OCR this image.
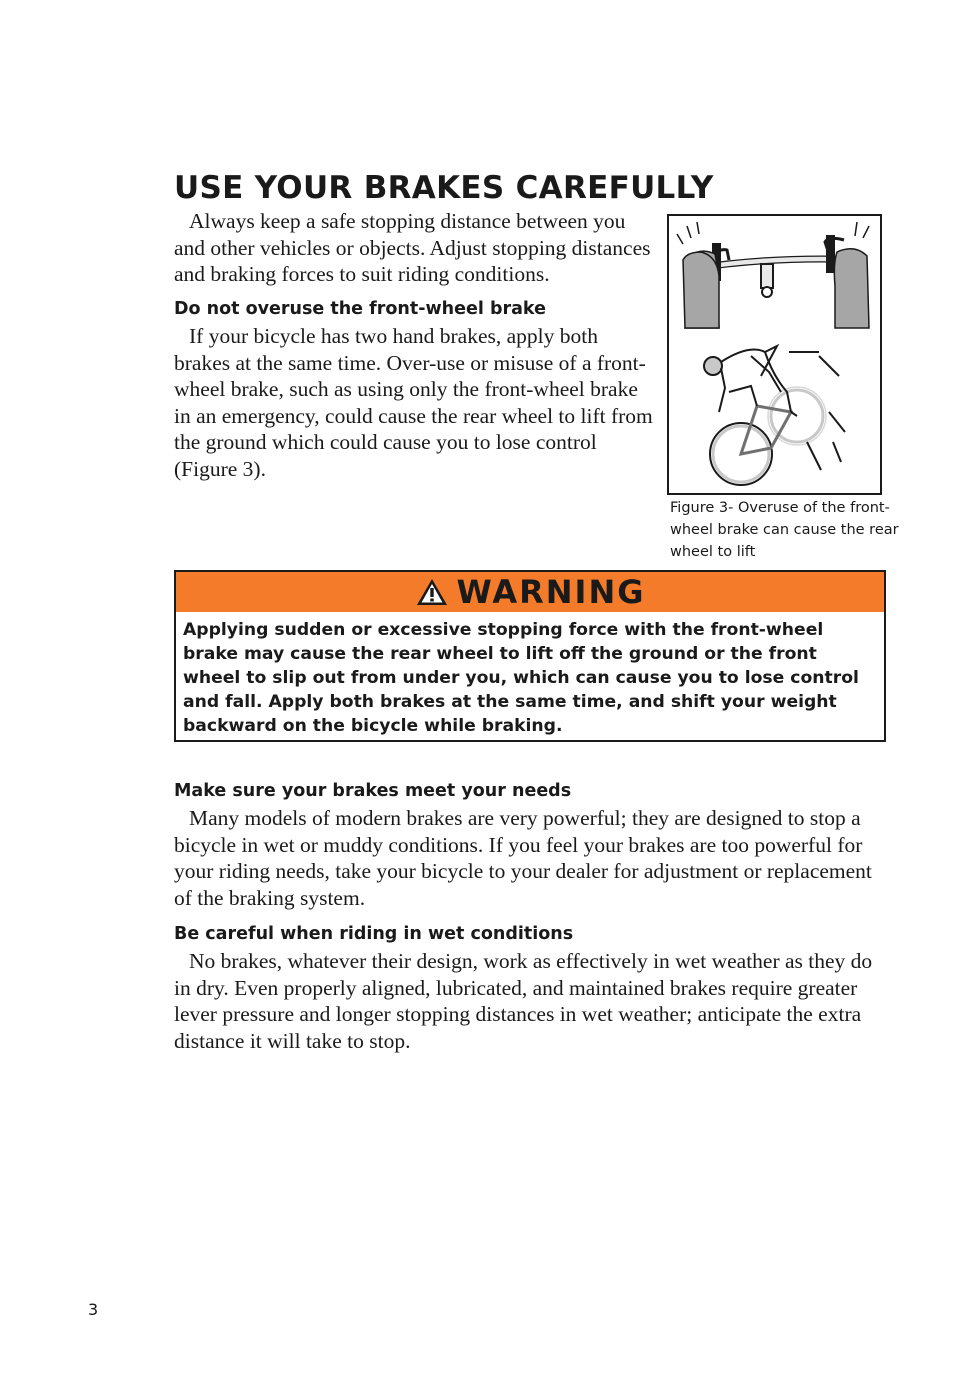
USE YOUR BRAKES CAREFULLY

Always keep a safe stopping distance between you and other vehicles or objects. Adjust stopping distances and braking forces to suit riding conditions.

Do not overuse the front-wheel brake

If your bicycle has two hand brakes, apply both brakes at the same time. Over-use or misuse of a front-wheel brake, such as using only the front-wheel brake in an emergency, could cause the rear wheel to lift from the ground which could cause you to lose control (Figure 3).

Figure 3- Overuse of the front-wheel brake can cause the rear wheel to lift

WARNING

Applying sudden or excessive stopping force with the front-wheel brake may cause the rear wheel to lift off the ground or the front wheel to slip out from under you, which can cause you to lose control and fall. Apply both brakes at the same time, and shift your weight backward on the bicycle while braking.

Make sure your brakes meet your needs

Many models of modern brakes are very powerful; they are designed to stop a bicycle in wet or muddy conditions. If you feel your brakes are too powerful for your riding needs, take your bicycle to your dealer for adjustment or replacement of the braking system.

Be careful when riding in wet conditions

No brakes, whatever their design, work as effectively in wet weather as they do in dry. Even properly aligned, lubricated, and maintained brakes require greater lever pressure and longer stopping distances in wet weather; anticipate the extra distance it will take to stop.

3
